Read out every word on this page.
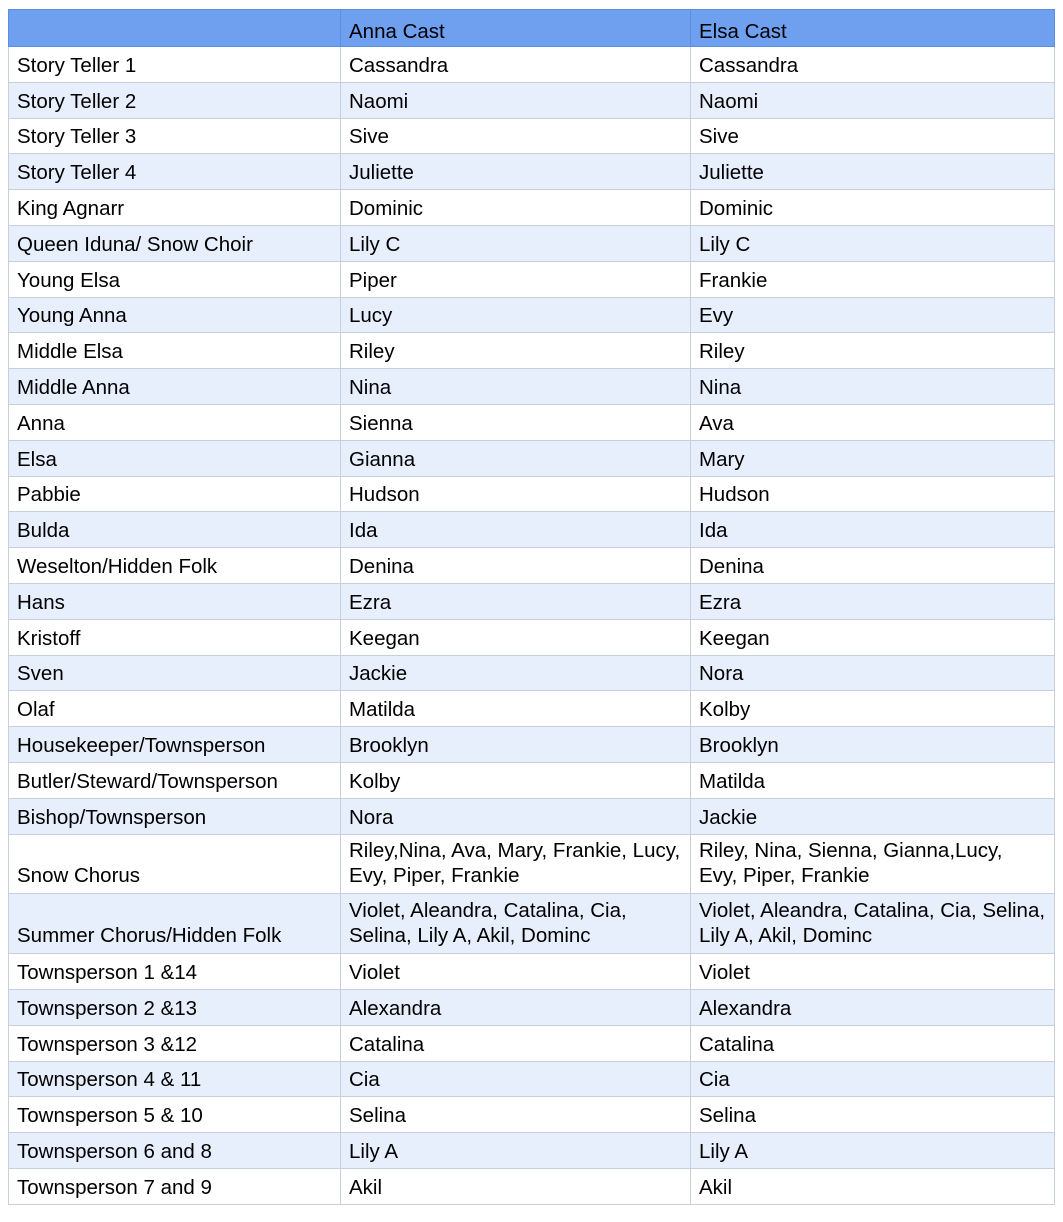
	Anna Cast	Elsa Cast
Story Teller 1	Cassandra	Cassandra
Story Teller 2	Naomi	Naomi
Story Teller 3	Sive	Sive
Story Teller 4	Juliette	Juliette
King Agnarr	Dominic	Dominic
Queen Iduna/ Snow Choir	Lily C	Lily C
Young Elsa	Piper	Frankie
Young Anna	Lucy	Evy
Middle Elsa	Riley	Riley
Middle Anna	Nina	Nina
Anna	Sienna	Ava
Elsa	Gianna	Mary
Pabbie	Hudson	Hudson
Bulda	Ida	Ida
Weselton/Hidden Folk	Denina	Denina
Hans	Ezra	Ezra
Kristoff	Keegan	Keegan
Sven	Jackie	Nora
Olaf	Matilda	Kolby
Housekeeper/Townsperson	Brooklyn	Brooklyn
Butler/Steward/Townsperson	Kolby	Matilda
Bishop/Townsperson	Nora	Jackie
Snow Chorus	Riley,Nina, Ava, Mary, Frankie, Lucy, Evy, Piper, Frankie	Riley, Nina, Sienna, Gianna,Lucy, Evy, Piper, Frankie
Summer Chorus/Hidden Folk	Violet, Aleandra, Catalina, Cia, Selina, Lily A, Akil, Dominc	Violet, Aleandra, Catalina, Cia, Selina, Lily A, Akil, Dominc
Townsperson 1 &14	Violet	Violet
Townsperson 2 &13	Alexandra	Alexandra
Townsperson 3 &12	Catalina	Catalina
Townsperson 4 & 11	Cia	Cia
Townsperson 5 & 10	Selina	Selina
Townsperson 6 and 8	Lily A	Lily A
Townsperson 7 and 9	Akil	Akil
